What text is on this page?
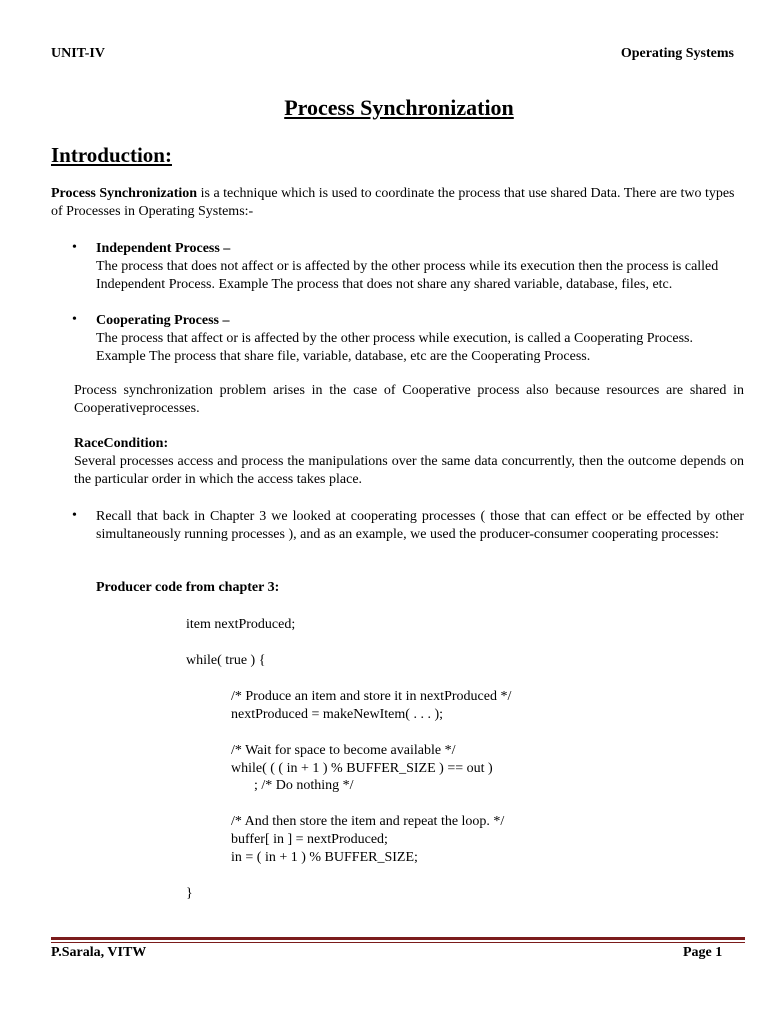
UNIT-IV	Operating Systems
Process Synchronization
Introduction:
Process Synchronization is a technique which is used to coordinate the process that use shared Data. There are two types of Processes in Operating Systems:-
• Independent Process –
The process that does not affect or is affected by the other process while its execution then the process is called Independent Process. Example The process that does not share any shared variable, database, files, etc.
• Cooperating Process –
The process that affect or is affected by the other process while execution, is called a Cooperating Process. Example The process that share file, variable, database, etc are the Cooperating Process.
Process synchronization problem arises in the case of Cooperative process also because resources are shared in Cooperativeprocesses.
RaceCondition:
Several processes access and process the manipulations over the same data concurrently, then the outcome depends on the particular order in which the access takes place.
• Recall that back in Chapter 3 we looked at cooperating processes ( those that can effect or be effected by other simultaneously running processes ), and as an example, we used the producer-consumer cooperating processes:
Producer code from chapter 3:
item nextProduced;
while( true ) {
/* Produce an item and store it in nextProduced */
nextProduced = makeNewItem( . . . );
/* Wait for space to become available */
while( ( ( in + 1 ) % BUFFER_SIZE ) == out )
; /* Do nothing */
/* And then store the item and repeat the loop. */
buffer[ in ] = nextProduced;
in = ( in + 1 ) % BUFFER_SIZE;
}
P.Sarala, VITW	Page 1
